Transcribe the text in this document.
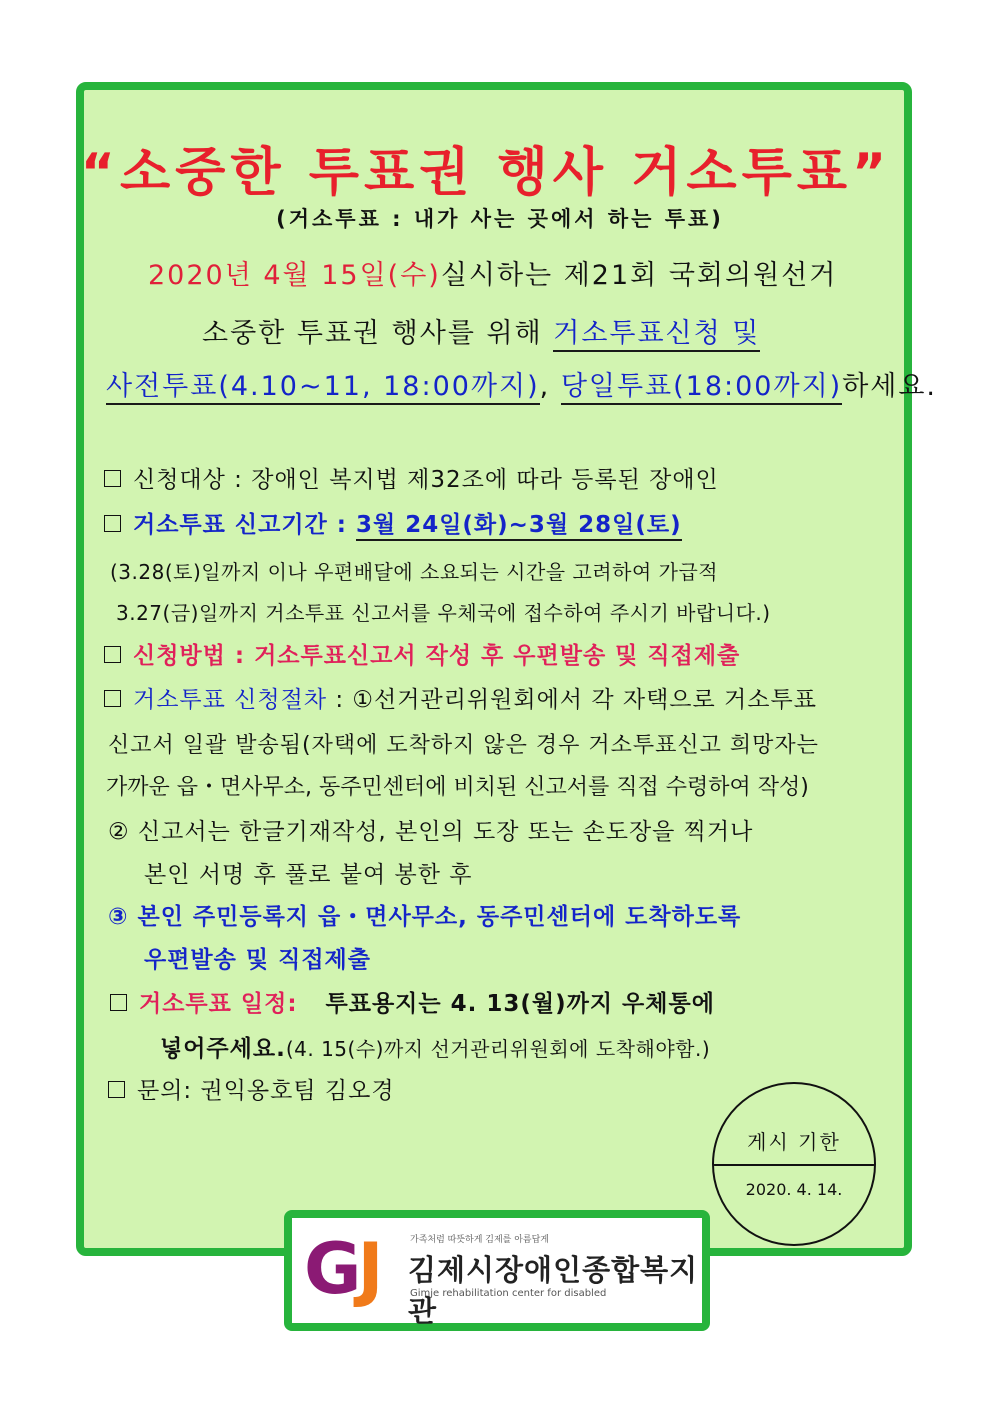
“소중한 투표권 행사 거소투표”
(거소투표 : 내가 사는 곳에서 하는 투표)
2020년 4월 15일(수)실시하는 제21회 국회의원선거
소중한 투표권 행사를 위해 거소투표신청 및
사전투표(4.10~11, 18:00까지), 당일투표(18:00까지)하세요.
신청대상 : 장애인 복지법 제32조에 따라 등록된 장애인
거소투표 신고기간 : 3월 24일(화)~3월 28일(토)
(3.28(토)일까지 이나 우편배달에 소요되는 시간을 고려하여 가급적
3.27(금)일까지 거소투표 신고서를 우체국에 접수하여 주시기 바랍니다.)
신청방법 : 거소투표신고서 작성 후 우편발송 및 직접제출
거소투표 신청절차 : ①선거관리위원회에서 각 자택으로 거소투표
신고서 일괄 발송됨(자택에 도착하지 않은 경우 거소투표신고 희망자는
가까운 읍・면사무소, 동주민센터에 비치된 신고서를 직접 수령하여 작성)
② 신고서는 한글기재작성, 본인의 도장 또는 손도장을 찍거나
본인 서명 후 풀로 붙여 봉한 후
③ 본인 주민등록지 읍・면사무소, 동주민센터에 도착하도록
우편발송 및 직접제출
거소투표 일정: 투표용지는 4. 13(월)까지 우체통에
넣어주세요.(4. 15(수)까지 선거관리위원회에 도착해야함.)
문의: 권익옹호팀 김오경
게시 기한
2020. 4. 14.
GJ	가족처럼 따뜻하게 김제를 아름답게
김제시장애인종합복지관
Gimje rehabilitation center for disabled
